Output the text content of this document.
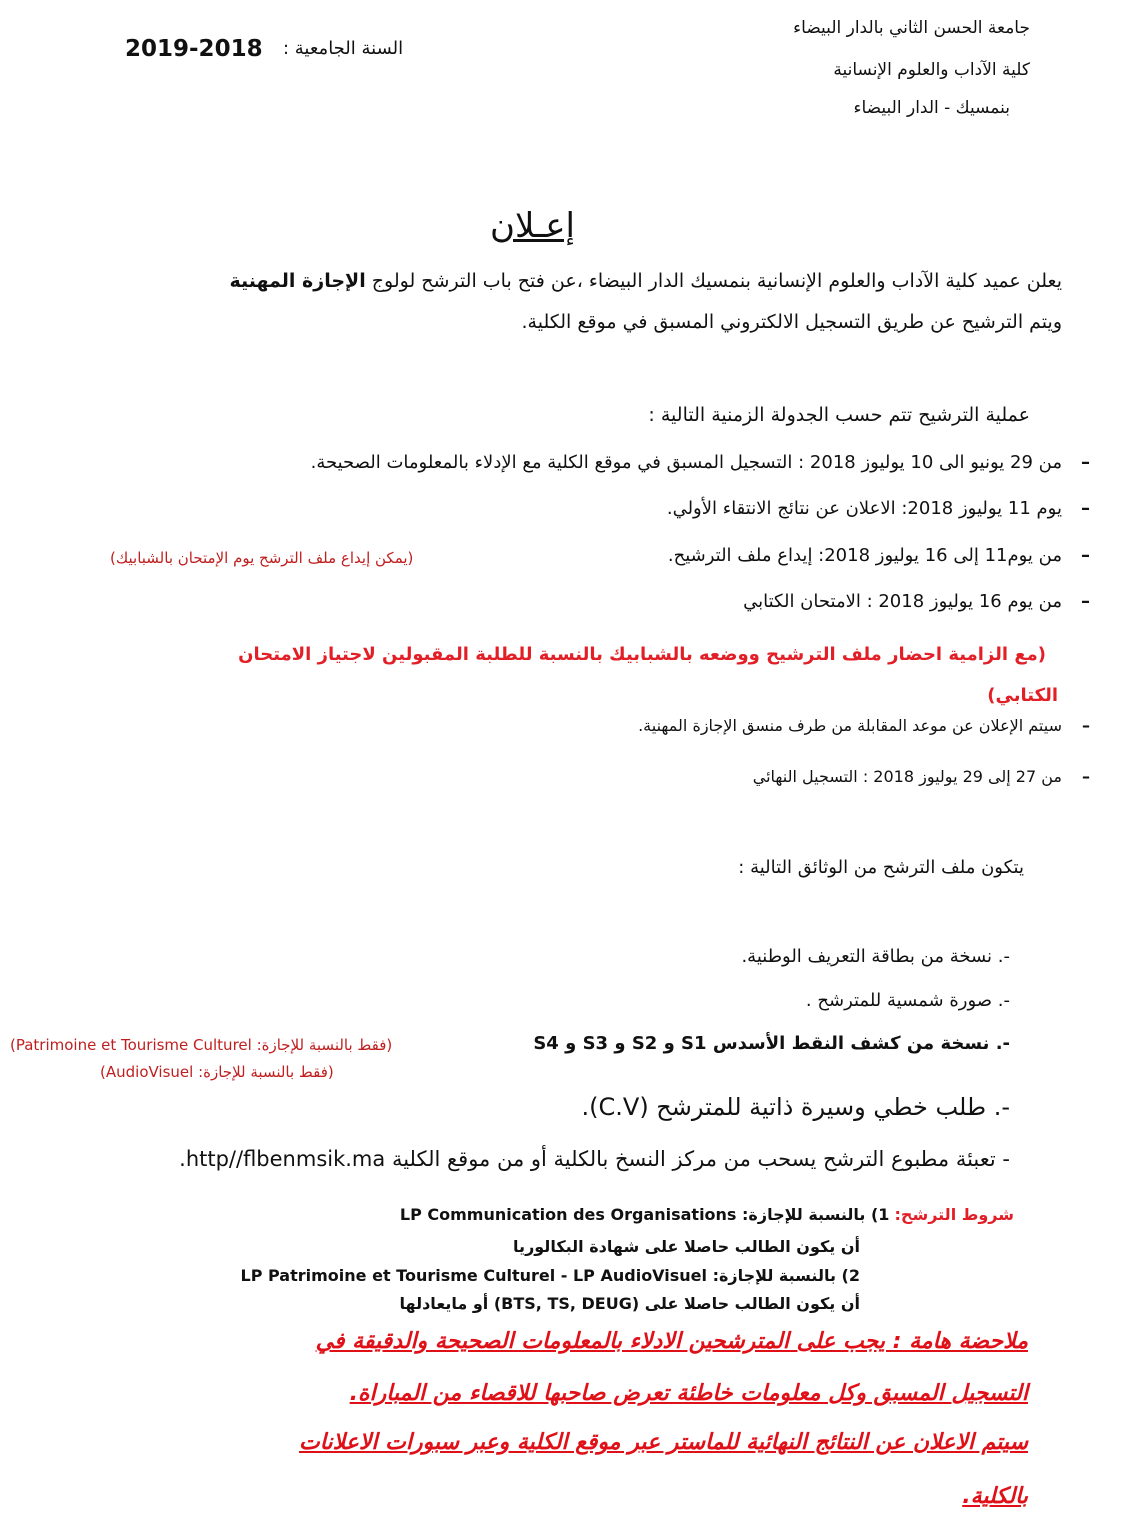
جامعة الحسن الثاني بالدار البيضاء
كلية الآداب والعلوم الإنسانية
بنمسيك - الدار البيضاء
السنة الجامعية :
2019-2018
إعـلان
يعلن عميد كلية الآداب والعلوم الإنسانية بنمسيك الدار البيضاء ،عن فتح باب الترشح لولوج الإجازة المهنية
ويتم الترشيح عن طريق التسجيل الالكتروني المسبق في موقع الكلية.
عملية الترشيح تتم حسب الجدولة الزمنية التالية :
–
من 29 يونيو الى 10 يوليوز 2018 : التسجيل المسبق في موقع الكلية مع الإدلاء بالمعلومات الصحيحة.
–
يوم 11 يوليوز 2018: الاعلان عن نتائج الانتقاء الأولي.
–
من يوم11 إلى 16 يوليوز 2018: إيداع ملف الترشيح.
(يمكن إيداع ملف الترشح يوم الإمتحان بالشبابيك)
–
من يوم 16 يوليوز 2018 : الامتحان الكتابي
(مع الزامية احضار ملف الترشيح ووضعه بالشبابيك بالنسبة للطلبة المقبولين لاجتياز الامتحان
الكتابي)
–
سيتم الإعلان عن موعد المقابلة من طرف منسق الإجازة المهنية.
–
من 27 إلى 29 يوليوز 2018 : التسجيل النهائي
يتكون ملف الترشح من الوثائق التالية :
-. نسخة من بطاقة التعريف الوطنية.
-. صورة شمسية للمترشح .
-. نسخة من كشف النقط الأسدس S1 و S2 و S3 و S4
(فقط بالنسبة للإجازة: Patrimoine et Tourisme Culturel)
(فقط بالنسبة للإجازة: AudioVisuel)
-. طلب خطي وسيرة ذاتية للمترشح (C.V).
- تعبئة مطبوع الترشح يسحب من مركز النسخ بالكلية أو من موقع الكلية http//flbenmsik.ma.
شروط الترشح: 1) بالنسبة للإجازة: LP Communication des Organisations
أن يكون الطالب حاصلا على شهادة البكالوريا
2) بالنسبة للإجازة: LP Patrimoine et Tourisme Culturel - LP AudioVisuel
أن يكون الطالب حاصلا على (BTS, TS, DEUG) أو مايعادلها
ملاحضة هامة : يجب على المترشحين الادلاء بالمعلومات الصحيحة والدقيقة في
التسجيل المسبق وكل معلومات خاطئة تعرض صاحبها للاقصاء من المباراة.
سيتم الاعلان عن النتائج النهائية للماستر عبر موقع الكلية وعبر سبورات الاعلانات
بالكلية.
